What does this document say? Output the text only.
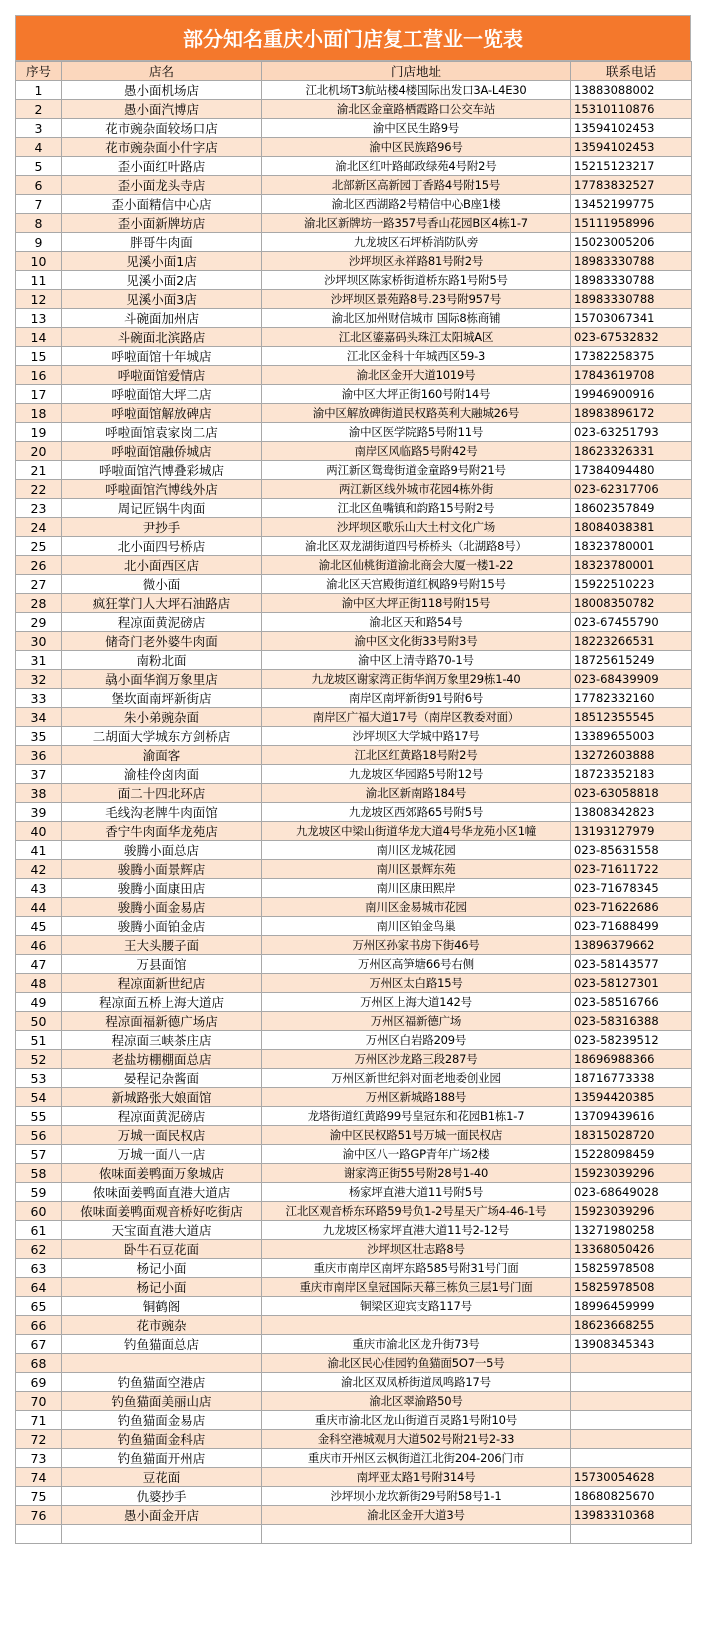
部分知名重庆小面门店复工营业一览表
序号	店名	门店地址	联系电话
1	愚小面机场店	江北机场T3航站楼4楼国际出发口3A-L4E30	13883088002
2	愚小面汽博店	渝北区金童路栖霞路口公交车站	15310110876
3	花市豌杂面较场口店	渝中区民生路9号	13594102453
4	花市豌杂面小什字店	渝中区民族路96号	13594102453
5	歪小面红叶路店	渝北区红叶路邮政绿苑4号附2号	15215123217
6	歪小面龙头寺店	北部新区高新园丁香路4号附15号	17783832527
7	歪小面精信中心店	渝北区西湖路2号精信中心B座1楼	13452199775
8	歪小面新牌坊店	渝北区新牌坊一路357号香山花园B区4栋1-7	15111958996
9	胖哥牛肉面	九龙坡区石坪桥消防队旁	15023005206
10	见溪小面1店	沙坪坝区永祥路81号附2号	18983330788
11	见溪小面2店	沙坪坝区陈家桥街道桥东路1号附5号	18983330788
12	见溪小面3店	沙坪坝区景苑路8号.23号附957号	18983330788
13	斗碗面加州店	渝北区加州财信城市 国际8栋商铺	15703067341
14	斗碗面北滨路店	江北区鎏嘉码头珠江太阳城A区	023-67532832
15	呼啦面馆十年城店	江北区金科十年城西区59-3	17382258375
16	呼啦面馆爱情店	渝北区金开大道1019号	17843619708
17	呼啦面馆大坪二店	渝中区大坪正街160号附14号	19946900916
18	呼啦面馆解放碑店	渝中区解放碑街道民权路英利大融城26号	18983896172
19	呼啦面馆袁家岗二店	渝中区医学院路5号附11号	023-63251793
20	呼啦面馆融侨城店	南岸区风临路5号附42号	18623326331
21	呼啦面馆汽博叠彩城店	两江新区鸳鸯街道金童路9号附21号	17384094480
22	呼啦面馆汽博线外店	两江新区线外城市花园4栋外街	023-62317706
23	周记匠锅牛肉面	江北区鱼嘴镇和韵路15号附2号	18602357849
24	尹抄手	沙坪坝区歌乐山大土村文化广场	18084038381
25	北小面四号桥店	渝北区双龙湖街道四号桥桥头（北湖路8号）	18323780001
26	北小面西区店	渝北区仙桃街道渝北商会大厦一楼1-22	18323780001
27	微小面	渝北区天宫殿街道红枫路9号附15号	15922510223
28	疯狂掌门人大坪石油路店	渝中区大坪正街118号附15号	18008350782
29	程凉面黄泥磅店	渝北区天和路54号	023-67455790
30	储奇门老外婆牛肉面	渝中区文化街33号附3号	18223266531
31	南粉北面	渝中区上清寺路70-1号	18725615249
32	骉小面华润万象里店	九龙坡区谢家湾正街华润万象里29栋1-40	023-68439909
33	堡坎面南坪新街店	南岸区南坪新街91号附6号	17782332160
34	朱小弟豌杂面	南岸区广福大道17号（南岸区教委对面）	18512355545
35	二胡面大学城东方剑桥店	沙坪坝区大学城中路17号	13389655003
36	渝面客	江北区红黄路18号附2号	13272603888
37	渝桂伶卤肉面	九龙坡区华园路5号附12号	18723352183
38	面二十四北环店	渝北区新南路184号	023-63058818
39	毛线沟老牌牛肉面馆	九龙坡区西郊路65号附5号	13808342823
40	香宁牛肉面华龙苑店	九龙坡区中梁山街道华龙大道4号华龙苑小区1幢	13193127979
41	骏腾小面总店	南川区龙城花园	023-85631558
42	骏腾小面景辉店	南川区景辉东苑	023-71611722
43	骏腾小面康田店	南川区康田熙岸	023-71678345
44	骏腾小面金易店	南川区金易城市花园	023-71622686
45	骏腾小面铂金店	南川区铂金鸟巢	023-71688499
46	王大头腰子面	万州区孙家书房下街46号	13896379662
47	万县面馆	万州区高笋塘66号右侧	023-58143577
48	程凉面新世纪店	万州区太白路15号	023-58127301
49	程凉面五桥上海大道店	万州区上海大道142号	023-58516766
50	程凉面福新德广场店	万州区福新德广场	023-58316388
51	程凉面三峡茶庄店	万州区白岩路209号	023-58239512
52	老盐坊棚棚面总店	万州区沙龙路三段287号	18696988366
53	晏程记杂酱面	万州区新世纪斜对面老地委创业园	18716773338
54	新城路张大娘面馆	万州区新城路188号	13594420385
55	程凉面黄泥磅店	龙塔街道红黄路99号皇冠东和花园B1栋1-7	13709439616
56	万城一面民权店	渝中区民权路51号万城一面民权店	18315028720
57	万城一面八一店	渝中区八一路GP青年广场2楼	15228098459
58	侬味面姜鸭面万象城店	谢家湾正街55号附28号1-40	15923039296
59	侬味面姜鸭面直港大道店	杨家坪直港大道11号附5号	023-68649028
60	侬味面姜鸭面观音桥好吃街店	江北区观音桥东环路59号负1-2号星天广场4-46-1号	15923039296
61	天宝面直港大道店	九龙坡区杨家坪直港大道11号2-12号	13271980258
62	卧牛石豆花面	沙坪坝区壮志路8号	13368050426
63	杨记小面	重庆市南岸区南坪东路585号附31号门面	15825978508
64	杨记小面	重庆市南岸区皇冠国际天幕三栋负三层1号门面	15825978508
65	铜鹤阁	铜梁区迎宾支路117号	18996459999
66	花市豌杂		18623668255
67	钓鱼猫面总店	重庆市渝北区龙升街73号	13908345343
68		渝北区民心佳园钓鱼猫面5O7一5号	
69	钓鱼猫面空港店	渝北区双凤桥街道凤鸣路17号	
70	钓鱼猫面美丽山店	渝北区翠渝路50号	
71	钓鱼猫面金易店	重庆市渝北区龙山街道百灵路1号附10号	
72	钓鱼猫面金科店	金科空港城观月大道502号附21号2-33	
73	钓鱼猫面开州店	重庆市开州区云枫街道江北街204-206门市	
74	豆花面	南坪亚太路1号附314号	15730054628
75	仇婆抄手	沙坪坝小龙坎新街29号附58号1-1	18680825670
76	愚小面金开店	渝北区金开大道3号	13983310368
